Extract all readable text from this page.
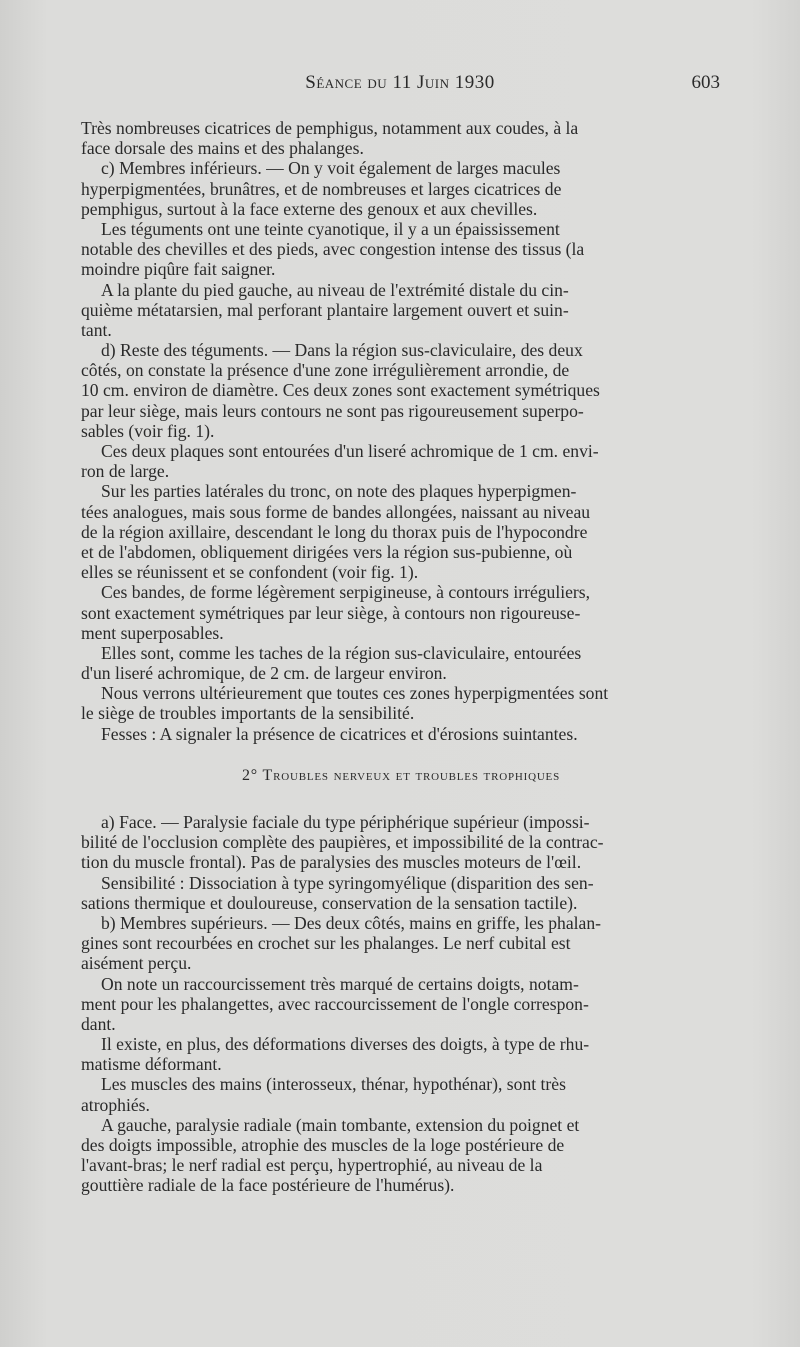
Séance du 11 Juin 1930	603
Très nombreuses cicatrices de pemphigus, notamment aux coudes, à la
face dorsale des mains et des phalanges.
c) Membres inférieurs. — On y voit également de larges macules
hyperpigmentées, brunâtres, et de nombreuses et larges cicatrices de
pemphigus, surtout à la face externe des genoux et aux chevilles.
Les téguments ont une teinte cyanotique, il y a un épaississement
notable des chevilles et des pieds, avec congestion intense des tissus (la
moindre piqûre fait saigner.
A la plante du pied gauche, au niveau de l'extrémité distale du cin-
quième métatarsien, mal perforant plantaire largement ouvert et suin-
tant.
d) Reste des téguments. — Dans la région sus-claviculaire, des deux
côtés, on constate la présence d'une zone irrégulièrement arrondie, de
10 cm. environ de diamètre. Ces deux zones sont exactement symétriques
par leur siège, mais leurs contours ne sont pas rigoureusement superpo-
sables (voir fig. 1).
Ces deux plaques sont entourées d'un liseré achromique de 1 cm. envi-
ron de large.
Sur les parties latérales du tronc, on note des plaques hyperpigmen-
tées analogues, mais sous forme de bandes allongées, naissant au niveau
de la région axillaire, descendant le long du thorax puis de l'hypocondre
et de l'abdomen, obliquement dirigées vers la région sus-pubienne, où
elles se réunissent et se confondent (voir fig. 1).
Ces bandes, de forme légèrement serpigineuse, à contours irréguliers,
sont exactement symétriques par leur siège, à contours non rigoureuse-
ment superposables.
Elles sont, comme les taches de la région sus-claviculaire, entourées
d'un liseré achromique, de 2 cm. de largeur environ.
Nous verrons ultérieurement que toutes ces zones hyperpigmentées sont
le siège de troubles importants de la sensibilité.
Fesses : A signaler la présence de cicatrices et d'érosions suintantes.
2° Troubles nerveux et troubles trophiques
a) Face. — Paralysie faciale du type périphérique supérieur (impossi-
bilité de l'occlusion complète des paupières, et impossibilité de la contrac-
tion du muscle frontal). Pas de paralysies des muscles moteurs de l'œil.
Sensibilité : Dissociation à type syringomyélique (disparition des sen-
sations thermique et douloureuse, conservation de la sensation tactile).
b) Membres supérieurs. — Des deux côtés, mains en griffe, les phalan-
gines sont recourbées en crochet sur les phalanges. Le nerf cubital est
aisément perçu.
On note un raccourcissement très marqué de certains doigts, notam-
ment pour les phalangettes, avec raccourcissement de l'ongle correspon-
dant.
Il existe, en plus, des déformations diverses des doigts, à type de rhu-
matisme déformant.
Les muscles des mains (interosseux, thénar, hypothénar), sont très
atrophiés.
A gauche, paralysie radiale (main tombante, extension du poignet et
des doigts impossible, atrophie des muscles de la loge postérieure de
l'avant-bras; le nerf radial est perçu, hypertrophié, au niveau de la
gouttière radiale de la face postérieure de l'humérus).
